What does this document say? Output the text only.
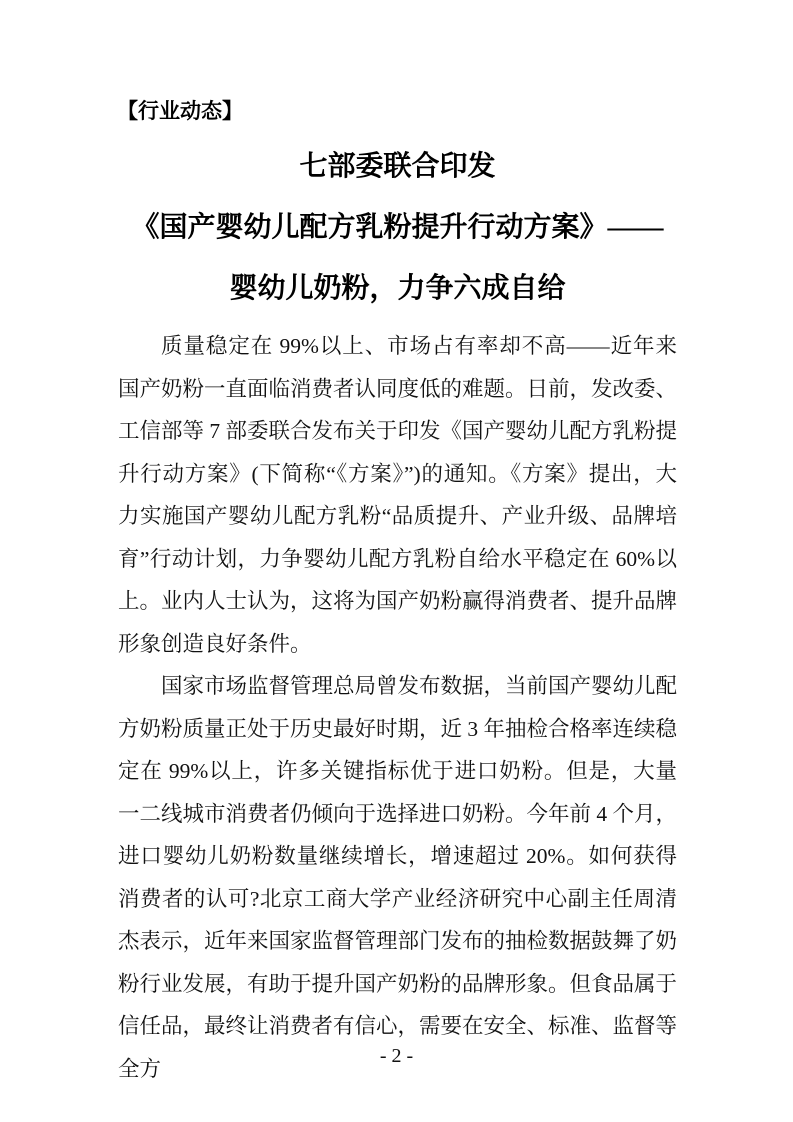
【行业动态】
七部委联合印发
《国产婴幼儿配方乳粉提升行动方案》——
婴幼儿奶粉，力争六成自给

质量稳定在 99%以上、市场占有率却不高——近年来国产奶粉一直面临消费者认同度低的难题。日前，发改委、工信部等 7 部委联合发布关于印发《国产婴幼儿配方乳粉提升行动方案》(下简称“《方案》”)的通知。《方案》提出，大力实施国产婴幼儿配方乳粉“品质提升、产业升级、品牌培育”行动计划，力争婴幼儿配方乳粉自给水平稳定在 60%以上。业内人士认为，这将为国产奶粉赢得消费者、提升品牌形象创造良好条件。

国家市场监督管理总局曾发布数据，当前国产婴幼儿配方奶粉质量正处于历史最好时期，近 3 年抽检合格率连续稳定在 99%以上，许多关键指标优于进口奶粉。但是，大量一二线城市消费者仍倾向于选择进口奶粉。今年前 4 个月，进口婴幼儿奶粉数量继续增长，增速超过 20%。如何获得消费者的认可?北京工商大学产业经济研究中心副主任周清杰表示，近年来国家监督管理部门发布的抽检数据鼓舞了奶粉行业发展，有助于提升国产奶粉的品牌形象。但食品属于信任品，最终让消费者有信心，需要在安全、标准、监督等全方

- 2 -
